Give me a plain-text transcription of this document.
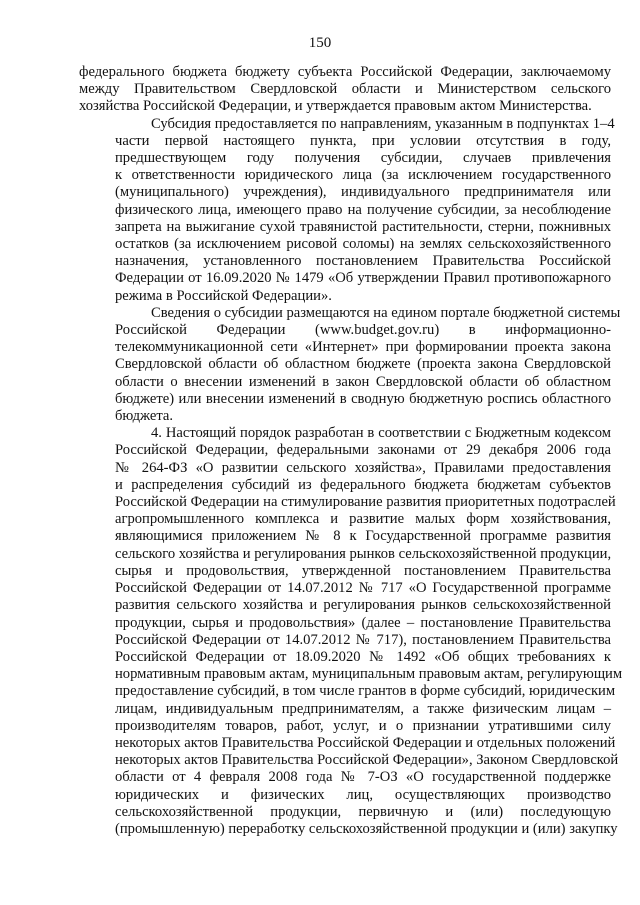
150
федерального бюджета бюджету субъекта Российской Федерации, заключаемому
между Правительством Свердловской области и Министерством сельского
хозяйства Российской Федерации, и утверждается правовым актом Министерства.
Субсидия предоставляется по направлениям, указанным в подпунктах 1–4
части первой настоящего пункта, при условии отсутствия в году,
предшествующем году получения субсидии, случаев привлечения
к ответственности юридического лица (за исключением государственного
(муниципального) учреждения), индивидуального предпринимателя или
физического лица, имеющего право на получение субсидии, за несоблюдение
запрета на выжигание сухой травянистой растительности, стерни, пожнивных
остатков (за исключением рисовой соломы) на землях сельскохозяйственного
назначения, установленного постановлением Правительства Российской
Федерации от 16.09.2020 № 1479 «Об утверждении Правил противопожарного
режима в Российской Федерации».
Сведения о субсидии размещаются на едином портале бюджетной системы
Российской Федерации (www.budget.gov.ru) в информационно-
телекоммуникационной сети «Интернет» при формировании проекта закона
Свердловской области об областном бюджете (проекта закона Свердловской
области о внесении изменений в закон Свердловской области об областном
бюджете) или внесении изменений в сводную бюджетную роспись областного
бюджета.
4. Настоящий порядок разработан в соответствии с Бюджетным кодексом
Российской Федерации, федеральными законами от 29 декабря 2006 года
№ 264-ФЗ «О развитии сельского хозяйства», Правилами предоставления
и распределения субсидий из федерального бюджета бюджетам субъектов
Российской Федерации на стимулирование развития приоритетных подотраслей
агропромышленного комплекса и развитие малых форм хозяйствования,
являющимися приложением № 8 к Государственной программе развития
сельского хозяйства и регулирования рынков сельскохозяйственной продукции,
сырья и продовольствия, утвержденной постановлением Правительства
Российской Федерации от 14.07.2012 № 717 «О Государственной программе
развития сельского хозяйства и регулирования рынков сельскохозяйственной
продукции, сырья и продовольствия» (далее – постановление Правительства
Российской Федерации от 14.07.2012 № 717), постановлением Правительства
Российской Федерации от 18.09.2020 № 1492 «Об общих требованиях к
нормативным правовым актам, муниципальным правовым актам, регулирующим
предоставление субсидий, в том числе грантов в форме субсидий, юридическим
лицам, индивидуальным предпринимателям, а также физическим лицам –
производителям товаров, работ, услуг, и о признании утратившими силу
некоторых актов Правительства Российской Федерации и отдельных положений
некоторых актов Правительства Российской Федерации», Законом Свердловской
области от 4 февраля 2008 года № 7-ОЗ «О государственной поддержке
юридических и физических лиц, осуществляющих производство
сельскохозяйственной продукции, первичную и (или) последующую
(промышленную) переработку сельскохозяйственной продукции и (или) закупку
